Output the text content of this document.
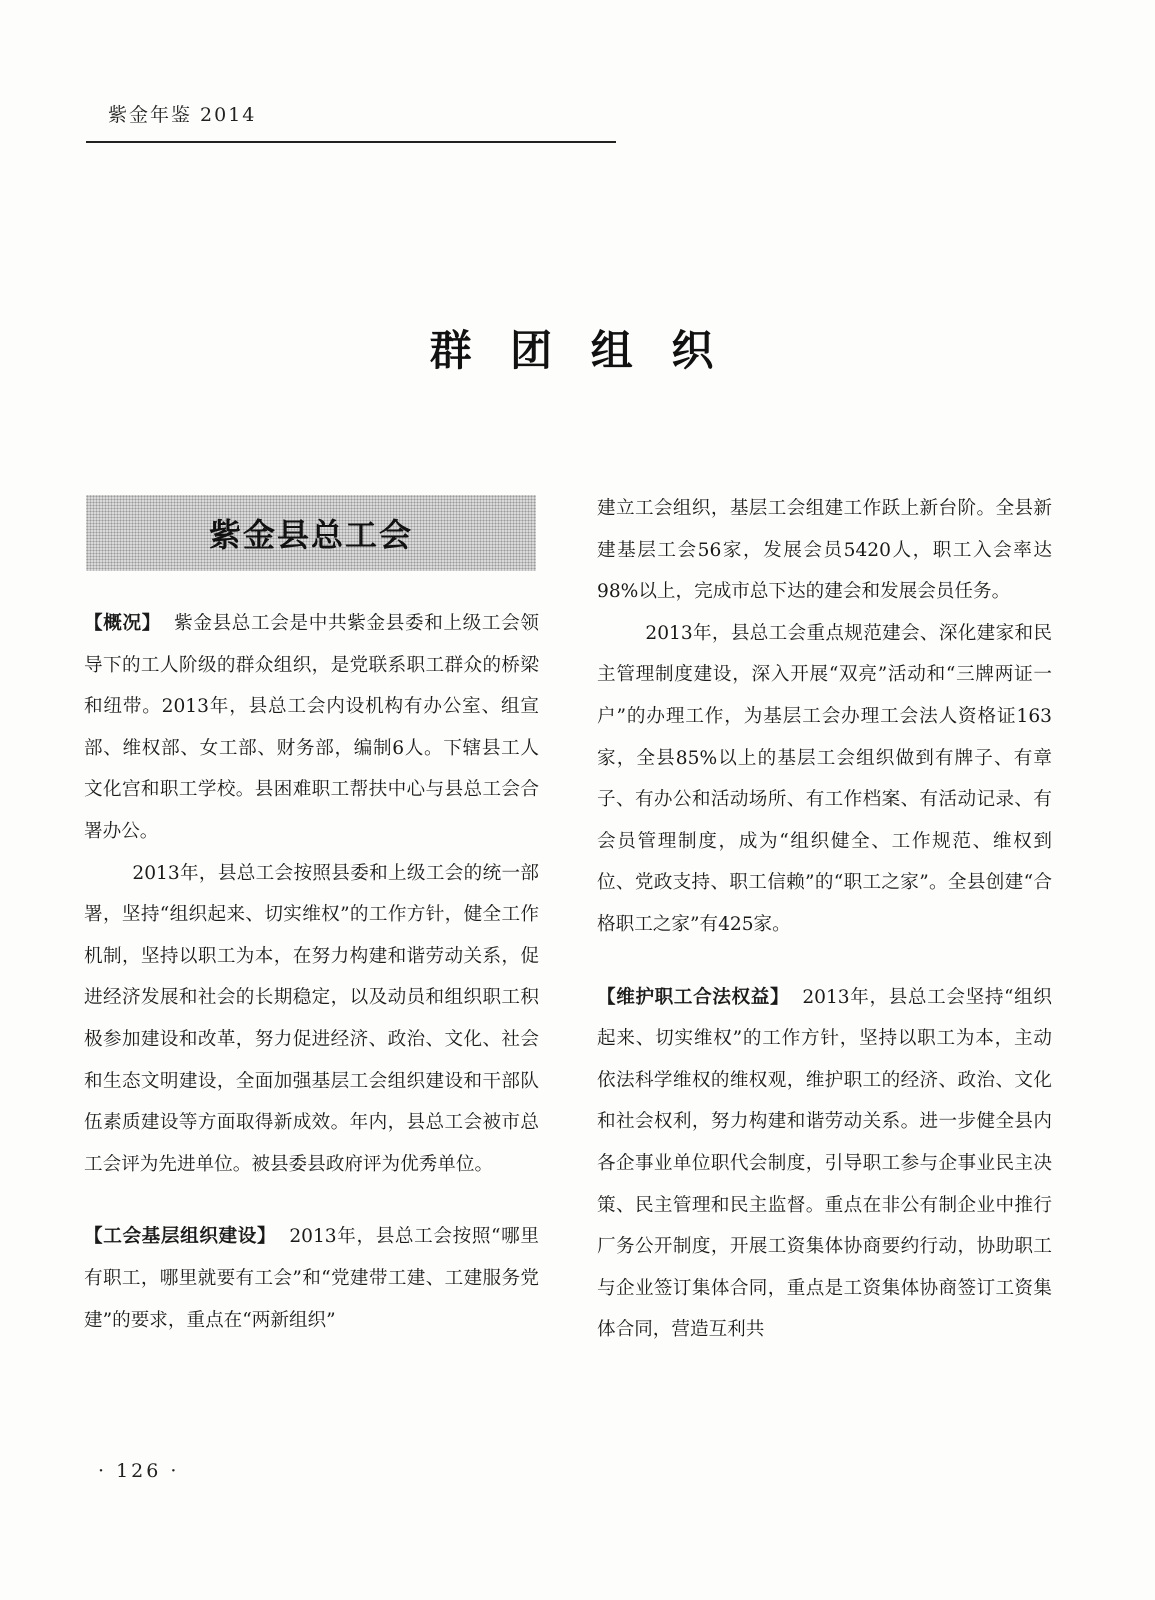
紫金年鉴 2014
群 团 组 织
紫金县总工会

【概况】 紫金县总工会是中共紫金县委和上级工会领导下的工人阶级的群众组织，是党联系职工群众的桥梁和纽带。2013年，县总工会内设机构有办公室、组宣部、维权部、女工部、财务部，编制6人。下辖县工人文化宫和职工学校。县困难职工帮扶中心与县总工会合署办公。

2013年，县总工会按照县委和上级工会的统一部署，坚持“组织起来、切实维权”的工作方针，健全工作机制，坚持以职工为本，在努力构建和谐劳动关系，促进经济发展和社会的长期稳定，以及动员和组织职工积极参加建设和改革，努力促进经济、政治、文化、社会和生态文明建设，全面加强基层工会组织建设和干部队伍素质建设等方面取得新成效。年内，县总工会被市总工会评为先进单位。被县委县政府评为优秀单位。

【工会基层组织建设】 2013年，县总工会按照“哪里有职工，哪里就要有工会”和“党建带工建、工建服务党建”的要求，重点在“两新组织”

建立工会组织，基层工会组建工作跃上新台阶。全县新建基层工会56家，发展会员5420人，职工入会率达98%以上，完成市总下达的建会和发展会员任务。

2013年，县总工会重点规范建会、深化建家和民主管理制度建设，深入开展“双亮”活动和“三牌两证一户”的办理工作，为基层工会办理工会法人资格证163家，全县85%以上的基层工会组织做到有牌子、有章子、有办公和活动场所、有工作档案、有活动记录、有会员管理制度，成为“组织健全、工作规范、维权到位、党政支持、职工信赖”的“职工之家”。全县创建“合格职工之家”有425家。

【维护职工合法权益】 2013年，县总工会坚持“组织起来、切实维权”的工作方针，坚持以职工为本，主动依法科学维权的维权观，维护职工的经济、政治、文化和社会权利，努力构建和谐劳动关系。进一步健全县内各企事业单位职代会制度，引导职工参与企事业民主决策、民主管理和民主监督。重点在非公有制企业中推行厂务公开制度，开展工资集体协商要约行动，协助职工与企业签订集体合同，重点是工资集体协商签订工资集体合同，营造互利共

· 126 ·
